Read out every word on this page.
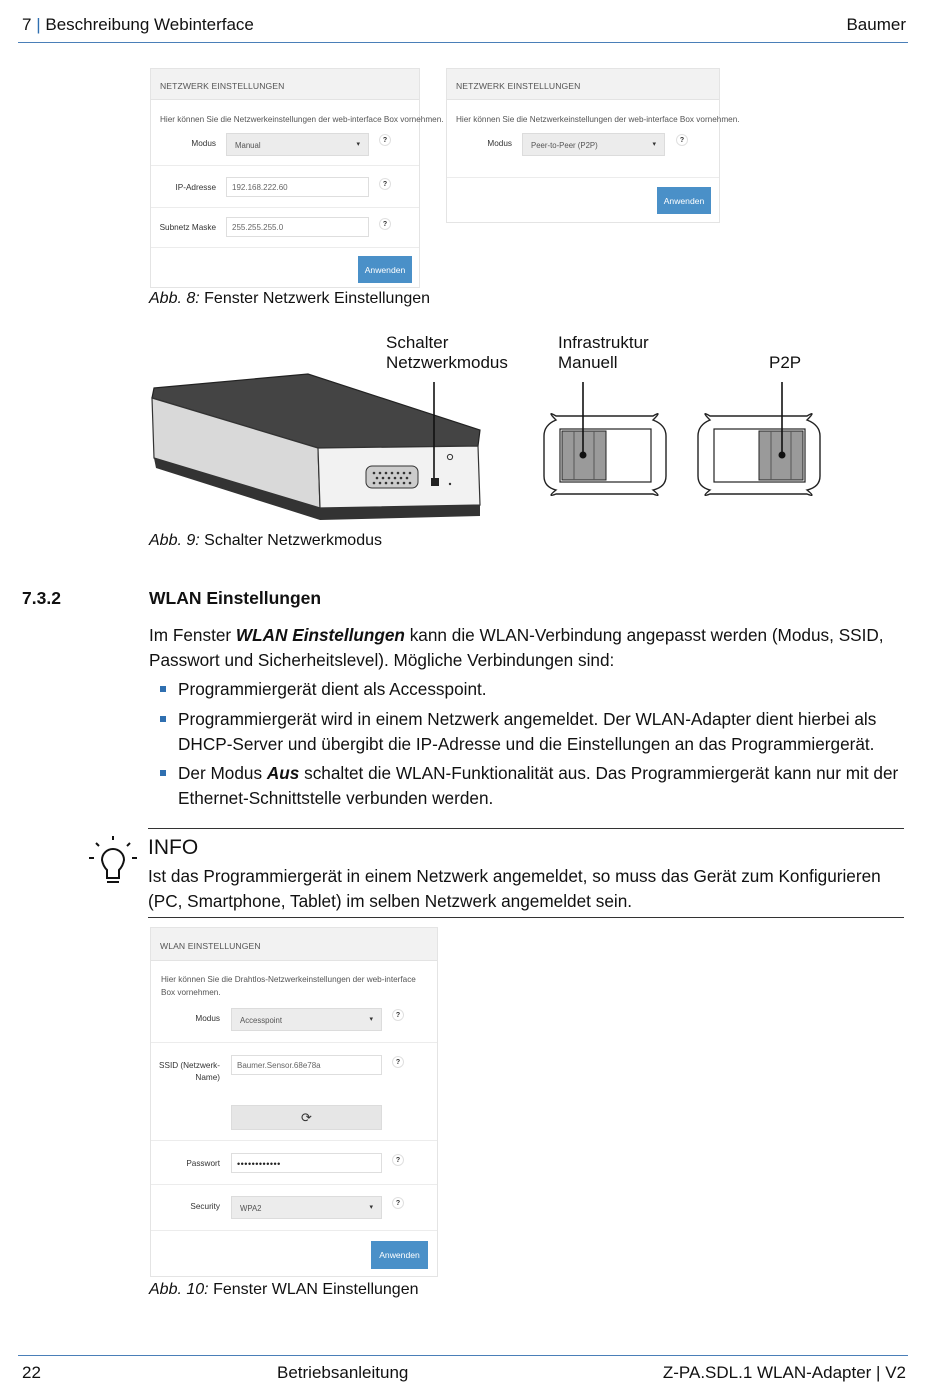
7 | Beschreibung Webinterface	Baumer
NETZWERK EINSTELLUNGEN
Hier können Sie die Netzwerkeinstellungen der web-interface Box vornehmen.
Modus	Manual	▾
?
IP-Adresse	192.168.222.60	?
Subnetz Maske	255.255.255.0	?
Anwenden
NETZWERK EINSTELLUNGEN
Hier können Sie die Netzwerkeinstellungen der web-interface Box vornehmen.
Modus	Peer-to-Peer (P2P)	▾
?
Anwenden
Abb. 8: Fenster Netzwerk Einstellungen
Schalter
Netzwerkmodus
Infrastruktur
Manuell	P2P
Abb. 9: Schalter Netzwerkmodus
7.3.2	WLAN Einstellungen

Im Fenster WLAN Einstellungen kann die WLAN-Verbindung angepasst werden (Modus, SSID, Passwort und Sicherheitslevel). Mögliche Verbindungen sind:

Programmiergerät dient als Accesspoint.
Programmiergerät wird in einem Netzwerk angemeldet. Der WLAN-Adapter dient hierbei als DHCP-Server und übergibt die IP-Adresse und die Einstellungen an das Programmiergerät.
Der Modus Aus schaltet die WLAN-Funktionalität aus. Das Programmiergerät kann nur mit der Ethernet-Schnittstelle verbunden werden.
INFO
Ist das Programmiergerät in einem Netzwerk angemeldet, so muss das Gerät zum Konfigurieren (PC, Smartphone, Tablet) im selben Netzwerk angemeldet sein.
WLAN EINSTELLUNGEN
Hier können Sie die Drahtlos-Netzwerkeinstellungen der web-interface Box vornehmen.
Modus	Accesspoint	▾
?
SSID (Netzwerk-
Name)
Baumer.Sensor.68e78a	?
⟳
Passwort	••••••••••••	?
Security	WPA2	▾
?
Anwenden
Abb. 10: Fenster WLAN Einstellungen
22	Betriebsanleitung	Z-PA.SDL.1 WLAN-Adapter | V2
